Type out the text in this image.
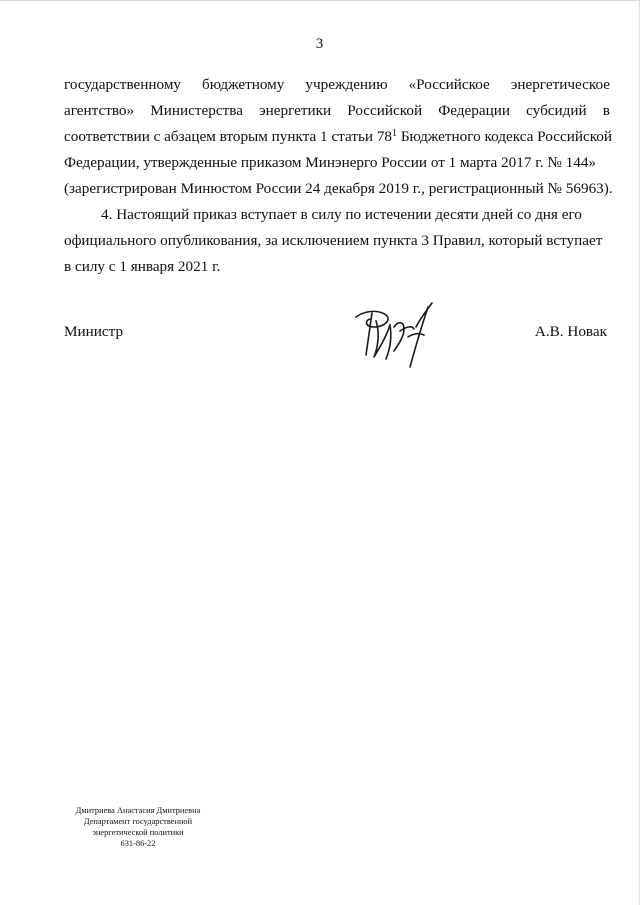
3
государственному бюджетному учреждению «Российское энергетическое
агентство» Министерства энергетики Российской Федерации субсидий в
соответствии с абзацем вторым пункта 1 статьи $78^1$ Бюджетного кодекса Российской
Федерации, утвержденные приказом Минэнерго России от 1 марта 2017 г. № 144»
(зарегистрирован Минюстом России 24 декабря 2019 г., регистрационный № 56963).
4. Настоящий приказ вступает в силу по истечении десяти дней со дня его
официального опубликования, за исключением пункта 3 Правил, который вступает
в силу с 1 января 2021 г.
Министр	А.В. Новак
Дмитриева Анастасия Дмитриевна
Департамент государственной
энергетической политики
631-86-22
